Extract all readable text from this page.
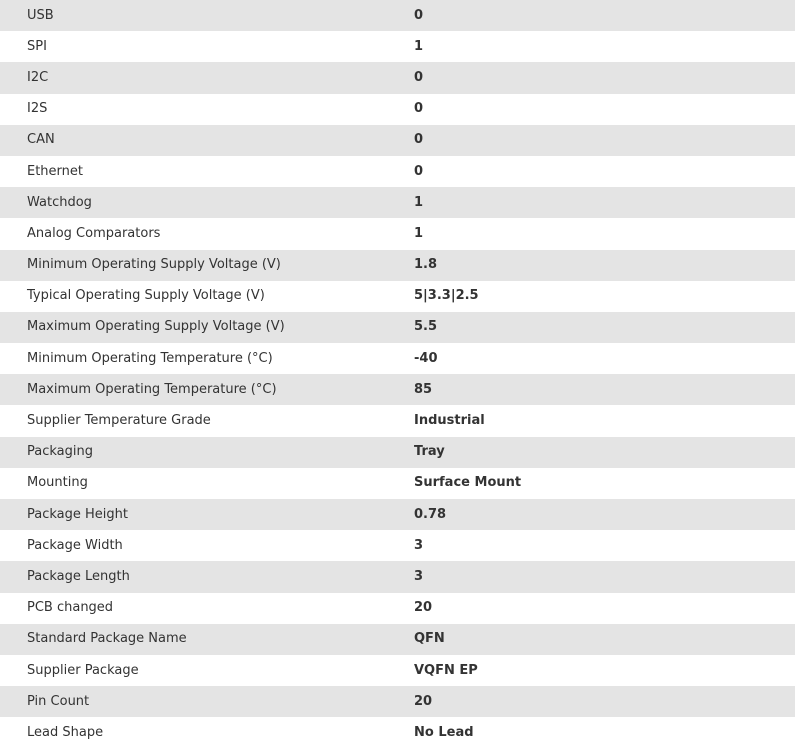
USB	0
SPI	1
I2C	0
I2S	0
CAN	0
Ethernet	0
Watchdog	1
Analog Comparators	1
Minimum Operating Supply Voltage (V)	1.8
Typical Operating Supply Voltage (V)	5|3.3|2.5
Maximum Operating Supply Voltage (V)	5.5
Minimum Operating Temperature (°C)	-40
Maximum Operating Temperature (°C)	85
Supplier Temperature Grade	Industrial
Packaging	Tray
Mounting	Surface Mount
Package Height	0.78
Package Width	3
Package Length	3
PCB changed	20
Standard Package Name	QFN
Supplier Package	VQFN EP
Pin Count	20
Lead Shape	No Lead
